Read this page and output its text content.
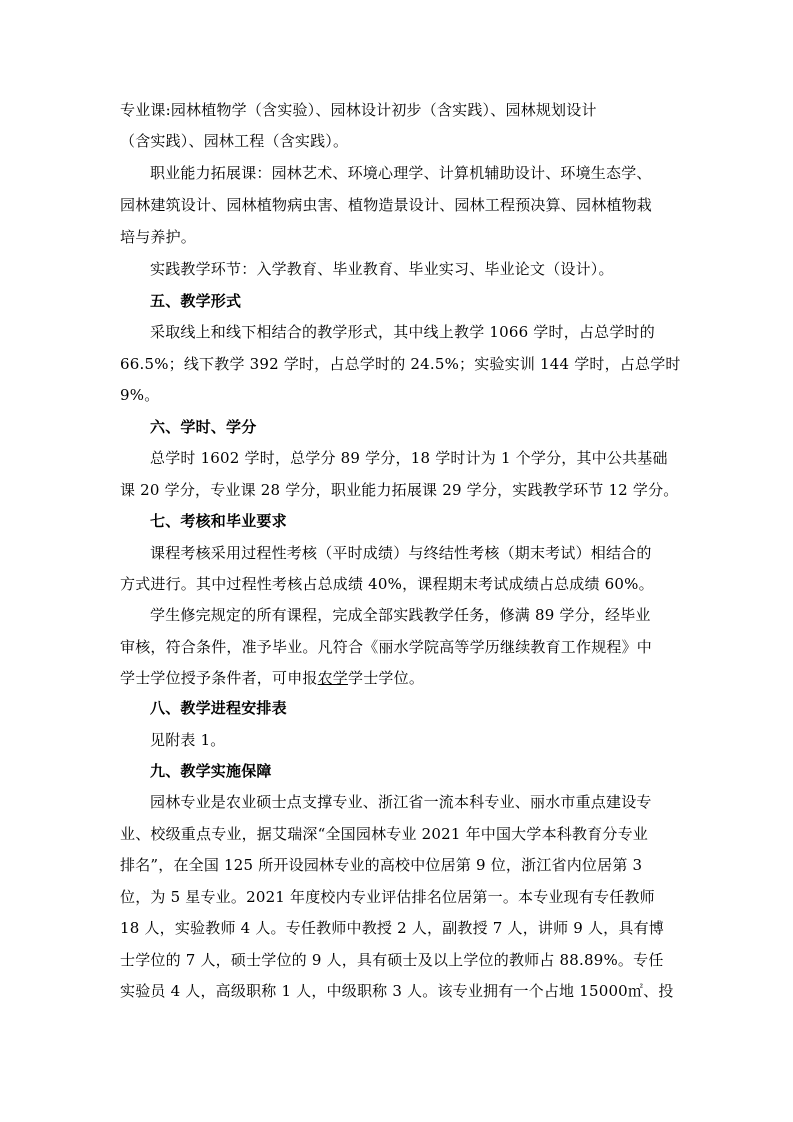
专业课:园林植物学（含实验）、园林设计初步（含实践）、园林规划设计
（含实践）、园林工程（含实践）。
职业能力拓展课：园林艺术、环境心理学、计算机辅助设计、环境生态学、
园林建筑设计、园林植物病虫害、植物造景设计、园林工程预决算、园林植物栽
培与养护。
实践教学环节：入学教育、毕业教育、毕业实习、毕业论文（设计）。
五、教学形式
采取线上和线下相结合的教学形式，其中线上教学 1066 学时，占总学时的
66.5%；线下教学 392 学时，占总学时的 24.5%；实验实训 144 学时，占总学时
9%。
六、学时、学分
总学时 1602 学时，总学分 89 学分，18 学时计为 1 个学分，其中公共基础
课 20 学分，专业课 28 学分，职业能力拓展课 29 学分，实践教学环节 12 学分。
七、考核和毕业要求
课程考核采用过程性考核（平时成绩）与终结性考核（期末考试）相结合的
方式进行。其中过程性考核占总成绩 40%，课程期末考试成绩占总成绩 60%。
学生修完规定的所有课程，完成全部实践教学任务，修满 89 学分，经毕业
审核，符合条件，准予毕业。凡符合《丽水学院高等学历继续教育工作规程》中
学士学位授予条件者，可申报农学学士学位。
八、教学进程安排表
见附表 1。
九、教学实施保障
园林专业是农业硕士点支撑专业、浙江省一流本科专业、丽水市重点建设专
业、校级重点专业，据艾瑞深“全国园林专业 2021 年中国大学本科教育分专业
排名”，在全国 125 所开设园林专业的高校中位居第 9 位，浙江省内位居第 3
位，为 5 星专业。2021 年度校内专业评估排名位居第一。本专业现有专任教师
18 人，实验教师 4 人。专任教师中教授 2 人，副教授 7 人，讲师 9 人，具有博
士学位的 7 人，硕士学位的 9 人，具有硕士及以上学位的教师占 88.89%。专任
实验员 4 人，高级职称 1 人，中级职称 3 人。该专业拥有一个占地 15000㎡、投
